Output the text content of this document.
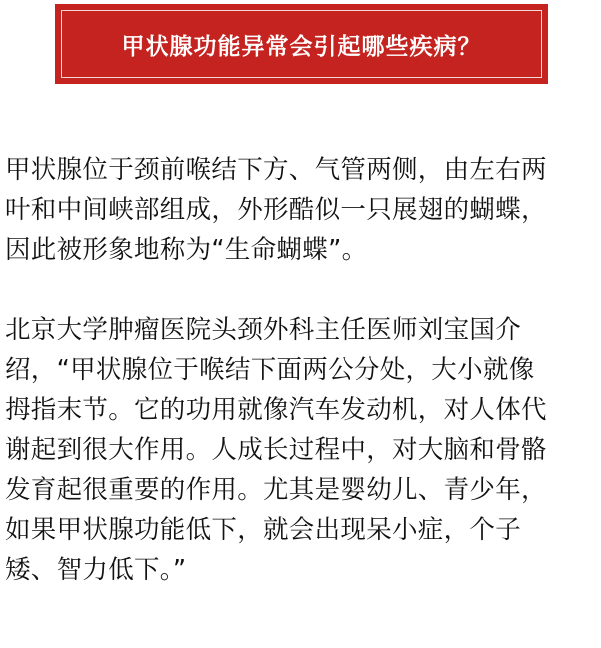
甲状腺功能异常会引起哪些疾病？
甲状腺位于颈前喉结下方、气管两侧，由左右两
叶和中间峡部组成，外形酷似一只展翅的蝴蝶，
因此被形象地称为“生命蝴蝶”。
北京大学肿瘤医院头颈外科主任医师刘宝国介
绍，“甲状腺位于喉结下面两公分处，大小就像
拇指末节。它的功用就像汽车发动机，对人体代
谢起到很大作用。人成长过程中，对大脑和骨骼
发育起很重要的作用。尤其是婴幼儿、青少年，
如果甲状腺功能低下，就会出现呆小症，个子
矮、智力低下。”
